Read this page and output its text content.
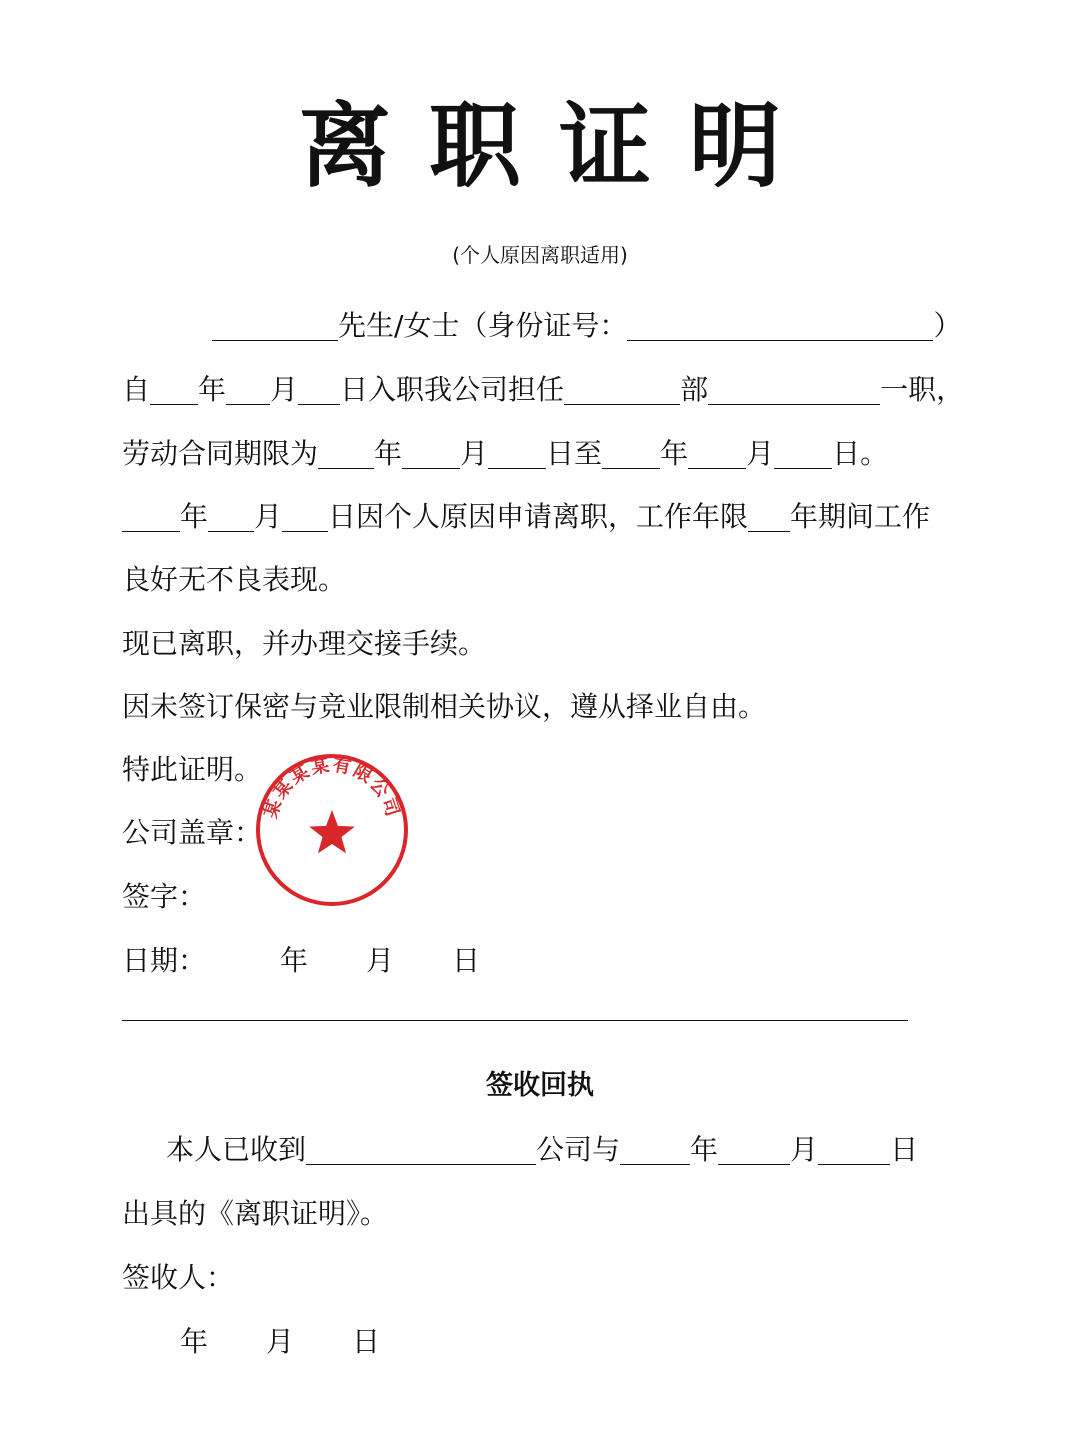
离职证明
(个人原因离职适用)
先生/女士（身份证号：	）
自 年 月 日入职我公司担任	部	一职，
劳动合同期限为 年 月 日至 年 月 日。
年 月 日因个人原因申请离职，工作年限 年期间工作
良好无不良表现。
现已离职，并办理交接手续。
因未签订保密与竞业限制相关协议，遵从择业自由。
特此证明。
公司盖章：
签字：
日期：	年 月 日
某某某某有限公司
签收回执
本人已收到	公司与	年	月	日
出具的《离职证明》。
签收人：
年 月 日
